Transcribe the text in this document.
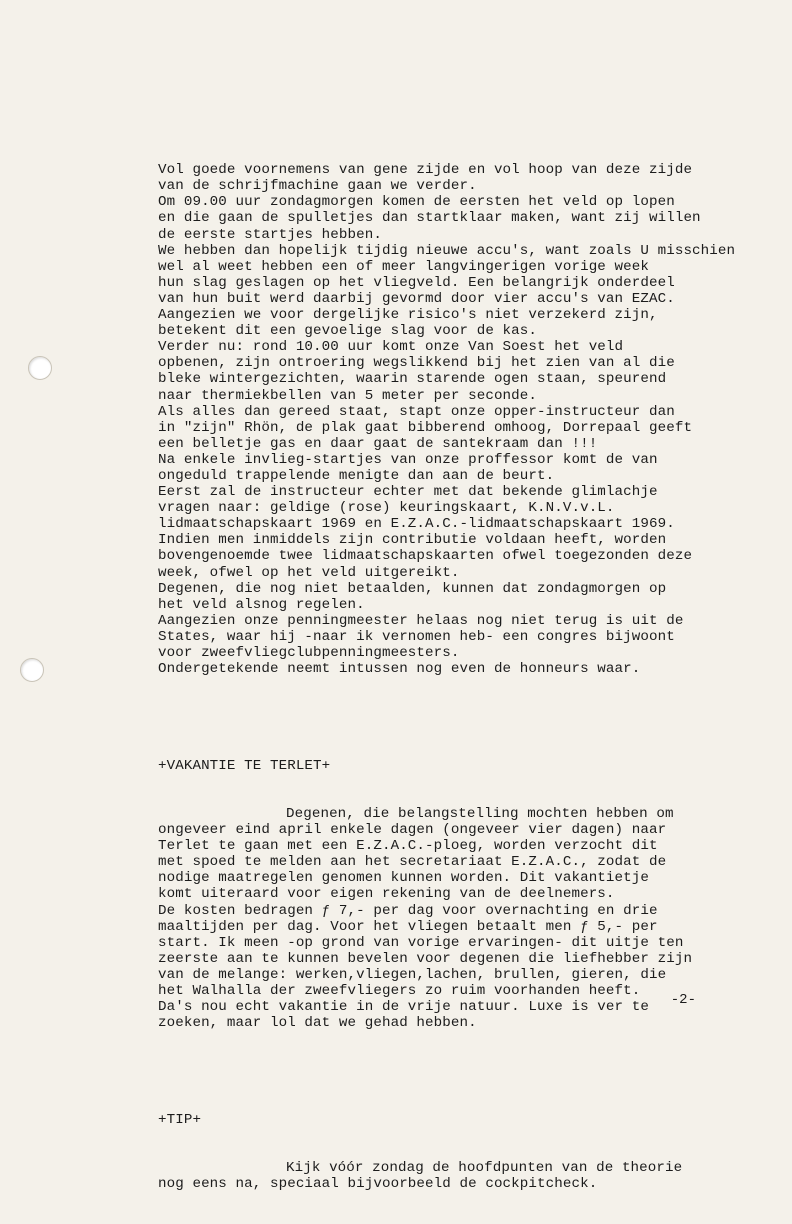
Vol goede voornemens van gene zijde en vol hoop van deze zijde
van de schrijfmachine gaan we verder.
Om 09.00 uur zondagmorgen komen de eersten het veld op lopen
en die gaan de spulletjes dan startklaar maken, want zij willen
de eerste startjes hebben.
We hebben dan hopelijk tijdig nieuwe accu's, want zoals U misschien
wel al weet hebben een of meer langvingerigen vorige week
hun slag geslagen op het vliegveld. Een belangrijk onderdeel
van hun buit werd daarbij gevormd door vier accu's van EZAC.
Aangezien we voor dergelijke risico's niet verzekerd zijn,
betekent dit een gevoelige slag voor de kas.
Verder nu: rond 10.00 uur komt onze Van Soest het veld
opbenen, zijn ontroering wegslikkend bij het zien van al die
bleke wintergezichten, waarin starende ogen staan, speurend
naar thermiekbellen van 5 meter per seconde.
Als alles dan gereed staat, stapt onze opper-instructeur dan
in "zijn" Rhön, de plak gaat bibberend omhoog, Dorrepaal geeft
een belletje gas en daar gaat de santekraam dan !!!
Na enkele invlieg-startjes van onze proffessor komt de van
ongeduld trappelende menigte dan aan de beurt.
Eerst zal de instructeur echter met dat bekende glimlachje
vragen naar: geldige (rose) keuringskaart, K.N.V.v.L.
lidmaatschapskaart 1969 en E.Z.A.C.-lidmaatschapskaart 1969.
Indien men inmiddels zijn contributie voldaan heeft, worden
bovengenoemde twee lidmaatschapskaarten ofwel toegezonden deze
week, ofwel op het veld uitgereikt.
Degenen, die nog niet betaalden, kunnen dat zondagmorgen op
het veld alsnog regelen.
Aangezien onze penningmeester helaas nog niet terug is uit de
States, waar hij -naar ik vernomen heb- een congres bijwoont
voor zweefvliegclubpenningmeesters.
Ondergetekende neemt intussen nog even de honneurs waar.

+VAKANTIE TE TERLET+

Degenen, die belangstelling mochten hebben om
ongeveer eind april enkele dagen (ongeveer vier dagen) naar
Terlet te gaan met een E.Z.A.C.-ploeg, worden verzocht dit
met spoed te melden aan het secretariaat E.Z.A.C., zodat de
nodige maatregelen genomen kunnen worden. Dit vakantietje
komt uiteraard voor eigen rekening van de deelnemers.
De kosten bedragen ƒ 7,- per dag voor overnachting en drie
maaltijden per dag. Voor het vliegen betaalt men ƒ 5,- per
start. Ik meen -op grond van vorige ervaringen- dit uitje ten
zeerste aan te kunnen bevelen voor degenen die liefhebber zijn
van de melange: werken,vliegen,lachen, brullen, gieren, die
het Walhalla der zweefvliegers zo ruim voorhanden heeft.
Da's nou echt vakantie in de vrije natuur. Luxe is ver te
zoeken, maar lol dat we gehad hebben.

+TIP+

Kijk vóór zondag de hoofdpunten van de theorie
nog eens na, speciaal bijvoorbeeld de cockpitcheck.

-2-
